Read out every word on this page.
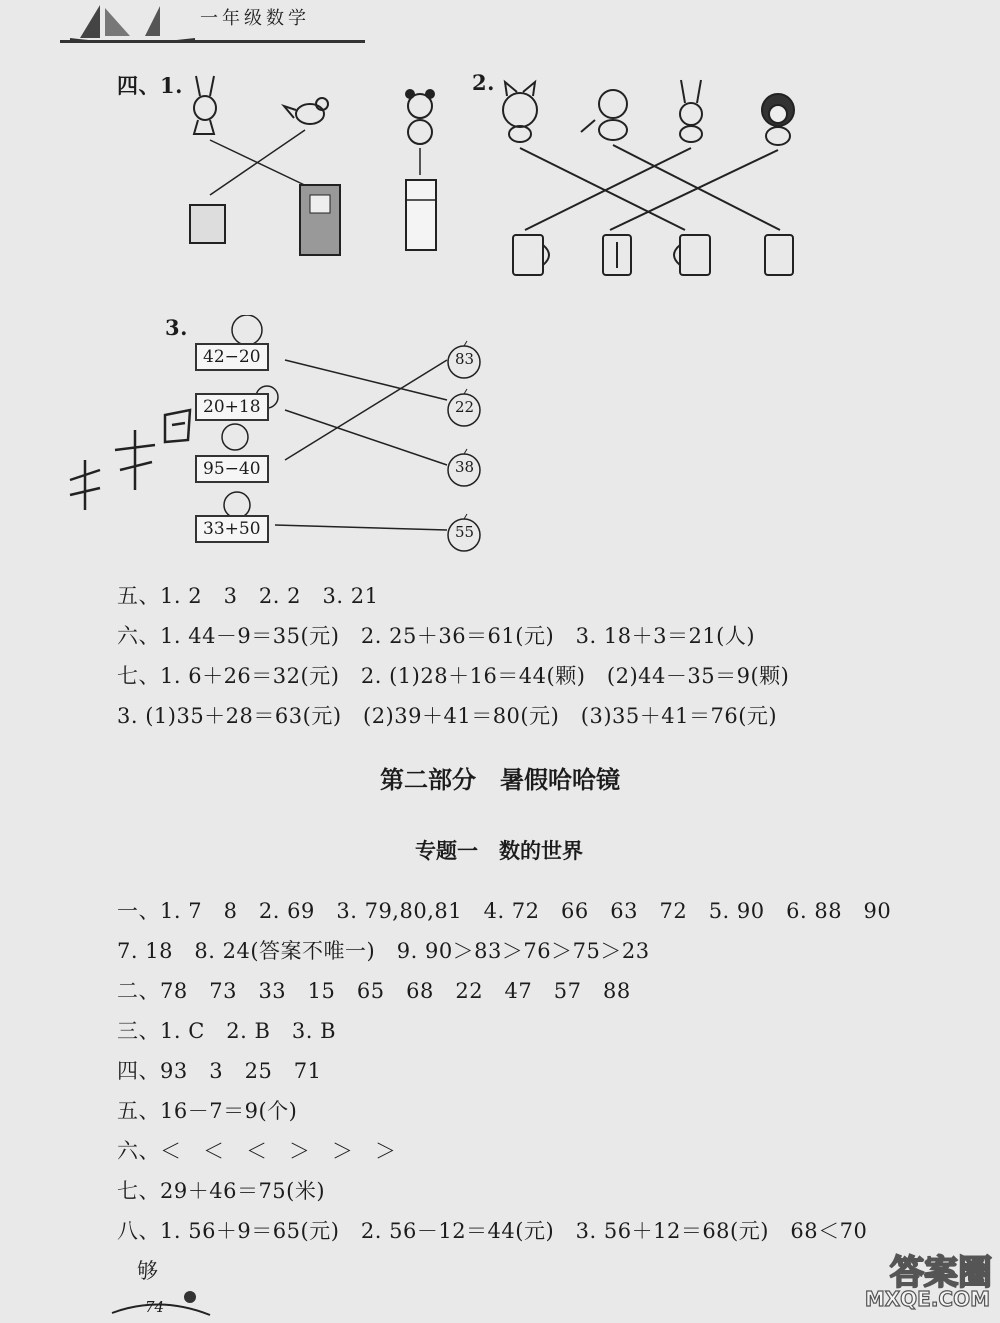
一年级数学
四、1.	2.
3.
42−20
20+18
95−40
33+50
83
22
38
55
五、1. 2　3　2. 2　3. 21
六、1. 44－9＝35(元)　2. 25＋36＝61(元)　3. 18＋3＝21(人)
七、1. 6＋26＝32(元)　2. (1)28＋16＝44(颗)　(2)44－35＝9(颗)
3. (1)35＋28＝63(元)　(2)39＋41＝80(元)　(3)35＋41＝76(元)
第二部分　暑假哈哈镜
专题一　数的世界
一、1. 7　8　2. 69　3. 79,80,81　4. 72　66　63　72　5. 90　6. 88　90
7. 18　8. 24(答案不唯一)　9. 90＞83＞76＞75＞23
二、78　73　33　15　65　68　22　47　57　88
三、1. C　2. B　3. B
四、93　3　25　71
五、16－7＝9(个)
六、＜　＜　＜　＞　＞　＞
七、29＋46＝75(米)
八、1. 56＋9＝65(元)　2. 56－12＝44(元)　3. 56＋12＝68(元)　68＜70
够
74
答案圈
MXQE.COM
